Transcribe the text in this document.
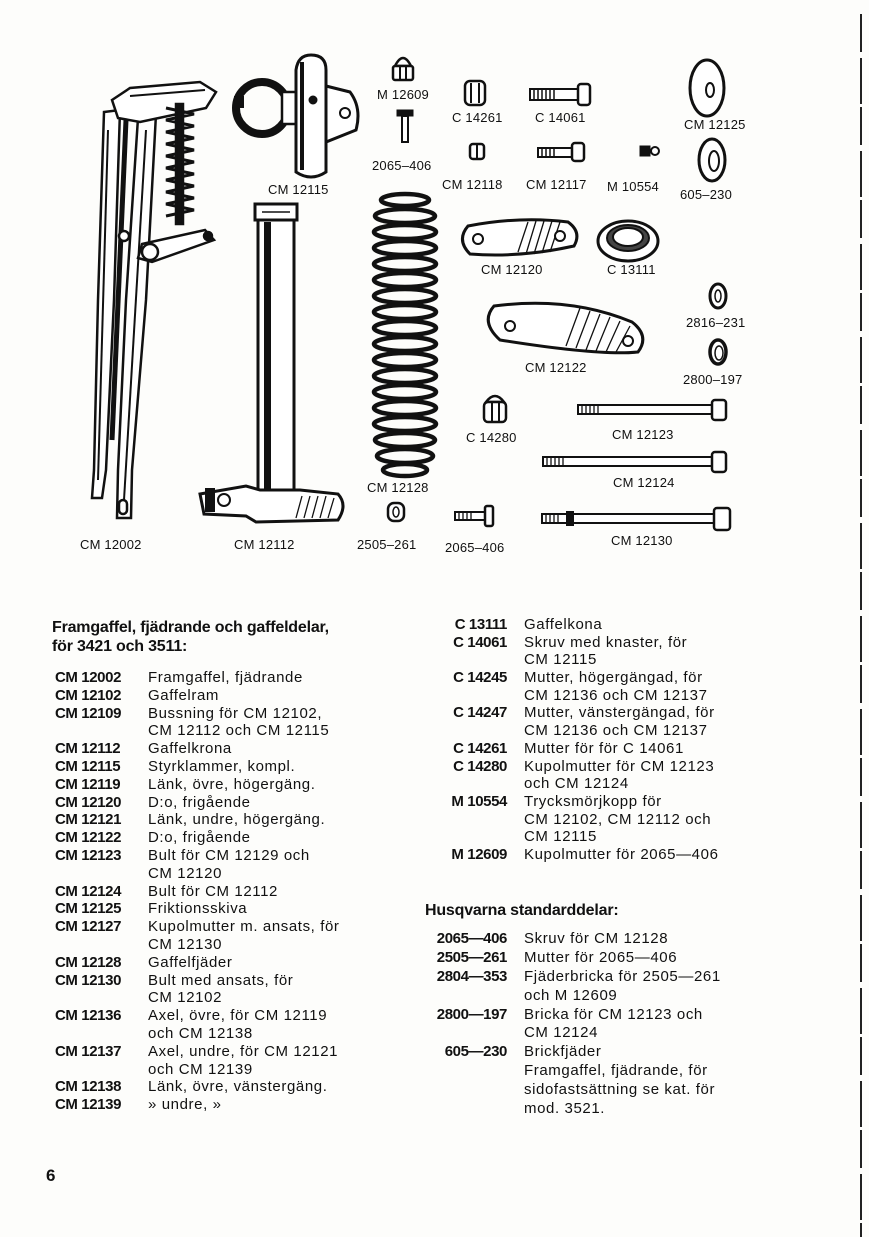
M 12609
C 14261 C 14061	CM 12125
2065–406
CM 12115	CM 12118 CM 12117 M 10554
605–230
CM 12120	C 13111
2816–231
CM 12122
2800–197
C 14280	CM 12123
CM 12124
CM 12128
CM 12002	CM 12112	2505–261 2065–406	CM 12130
Framgaffel, fjädrande och gaffeldelar,
för 3421 och 3511:
CM 12002 Framgaffel, fjädrande
CM 12102 Gaffelram
CM 12109 Bussning för CM 12102,
CM 12112 och CM 12115
CM 12112 Gaffelkrona
CM 12115 Styrklammer, kompl.
CM 12119 Länk, övre, högergäng.
CM 12120 D:o, frigående
CM 12121 Länk, undre, högergäng.
CM 12122 D:o, frigående
CM 12123 Bult för CM 12129 och
CM 12120
CM 12124 Bult för CM 12112
CM 12125 Friktionsskiva
CM 12127 Kupolmutter m. ansats, för
CM 12130
CM 12128 Gaffelfjäder
CM 12130 Bult med ansats, för
CM 12102
CM 12136 Axel, övre, för CM 12119
och CM 12138
CM 12137 Axel, undre, för CM 12121
och CM 12139
CM 12138 Länk, övre, vänstergäng.
CM 12139 » undre, »
C 13111 Gaffelkona
C 14061 Skruv med knaster, för
CM 12115
C 14245 Mutter, högergängad, för
CM 12136 och CM 12137
C 14247 Mutter, vänstergängad, för
CM 12136 och CM 12137
C 14261 Mutter för för C 14061
C 14280 Kupolmutter för CM 12123
och CM 12124
M 10554 Trycksmörjkopp för
CM 12102, CM 12112 och
CM 12115
M 12609 Kupolmutter för 2065—406
Husqvarna standarddelar:
2065—406 Skruv för CM 12128
2505—261 Mutter för 2065—406
2804—353 Fjäderbricka för 2505—261
och M 12609
2800—197 Bricka för CM 12123 och
CM 12124
605—230 Brickfjäder
Framgaffel, fjädrande, för
sidofastsättning se kat. för
mod. 3521.
6
